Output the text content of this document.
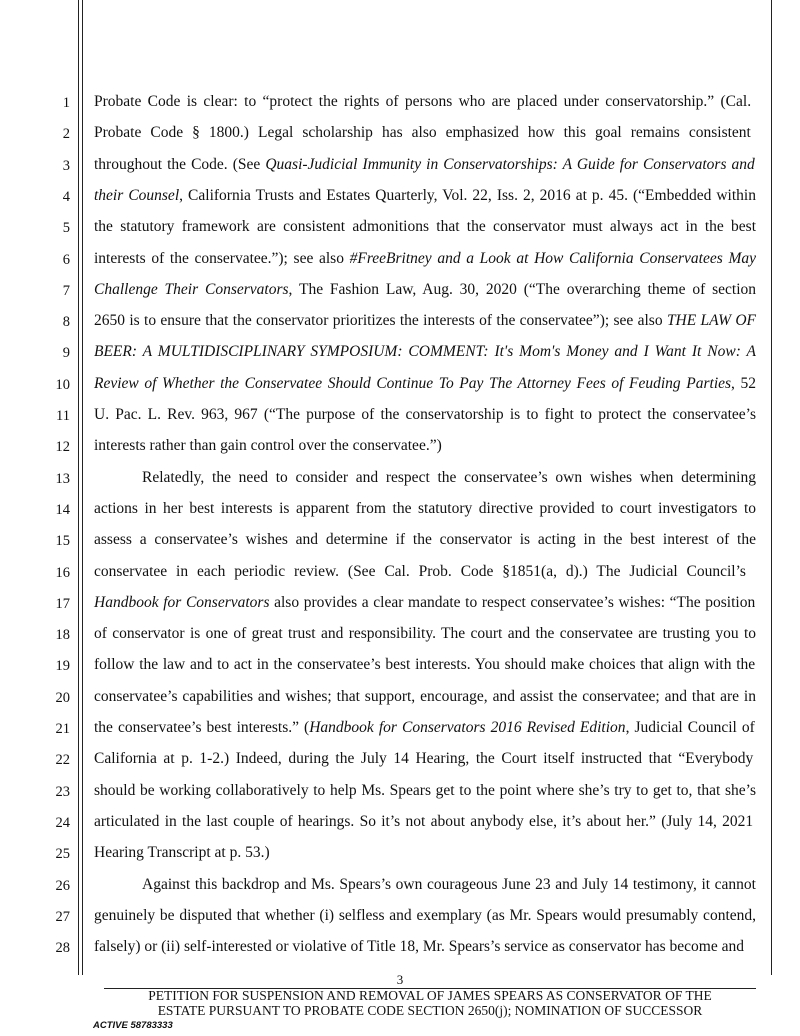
1
2
3
4
5
6
7
8
9
10
11
12
13
14
15
16
17
18
19
20
21
22
23
24
25
26
27
28
Probate Code is clear: to “protect the rights of persons who are placed under conservatorship.” (Cal.
Probate Code § 1800.) Legal scholarship has also emphasized how this goal remains consistent
throughout the Code. (See Quasi-Judicial Immunity in Conservatorships: A Guide for Conservators and
their Counsel, California Trusts and Estates Quarterly, Vol. 22, Iss. 2, 2016 at p. 45. (“Embedded within
the statutory framework are consistent admonitions that the conservator must always act in the best
interests of the conservatee.”); see also #FreeBritney and a Look at How California Conservatees May
Challenge Their Conservators, The Fashion Law, Aug. 30, 2020 (“The overarching theme of section
2650 is to ensure that the conservator prioritizes the interests of the conservatee”); see also THE LAW OF
BEER: A MULTIDISCIPLINARY SYMPOSIUM: COMMENT: It's Mom's Money and I Want It Now: A
Review of Whether the Conservatee Should Continue To Pay The Attorney Fees of Feuding Parties, 52
U. Pac. L. Rev. 963, 967 (“The purpose of the conservatorship is to fight to protect the conservatee’s
interests rather than gain control over the conservatee.”)
Relatedly, the need to consider and respect the conservatee’s own wishes when determining
actions in her best interests is apparent from the statutory directive provided to court investigators to
assess a conservatee’s wishes and determine if the conservator is acting in the best interest of the
conservatee in each periodic review. (See Cal. Prob. Code §1851(a, d).) The Judicial Council’s
Handbook for Conservators also provides a clear mandate to respect conservatee’s wishes: “The position
of conservator is one of great trust and responsibility. The court and the conservatee are trusting you to
follow the law and to act in the conservatee’s best interests. You should make choices that align with the
conservatee’s capabilities and wishes; that support, encourage, and assist the conservatee; and that are in
the conservatee’s best interests.” (Handbook for Conservators 2016 Revised Edition, Judicial Council of
California at p. 1-2.) Indeed, during the July 14 Hearing, the Court itself instructed that “Everybody
should be working collaboratively to help Ms. Spears get to the point where she’s try to get to, that she’s
articulated in the last couple of hearings. So it’s not about anybody else, it’s about her.” (July 14, 2021
Hearing Transcript at p. 53.)
Against this backdrop and Ms. Spears’s own courageous June 23 and July 14 testimony, it cannot
genuinely be disputed that whether (i) selfless and exemplary (as Mr. Spears would presumably contend,
falsely) or (ii) self-interested or violative of Title 18, Mr. Spears’s service as conservator has become and
3
PETITION FOR SUSPENSION AND REMOVAL OF JAMES SPEARS AS CONSERVATOR OF THE
ESTATE PURSUANT TO PROBATE CODE SECTION 2650(j); NOMINATION OF SUCCESSOR
ACTIVE 58783333
